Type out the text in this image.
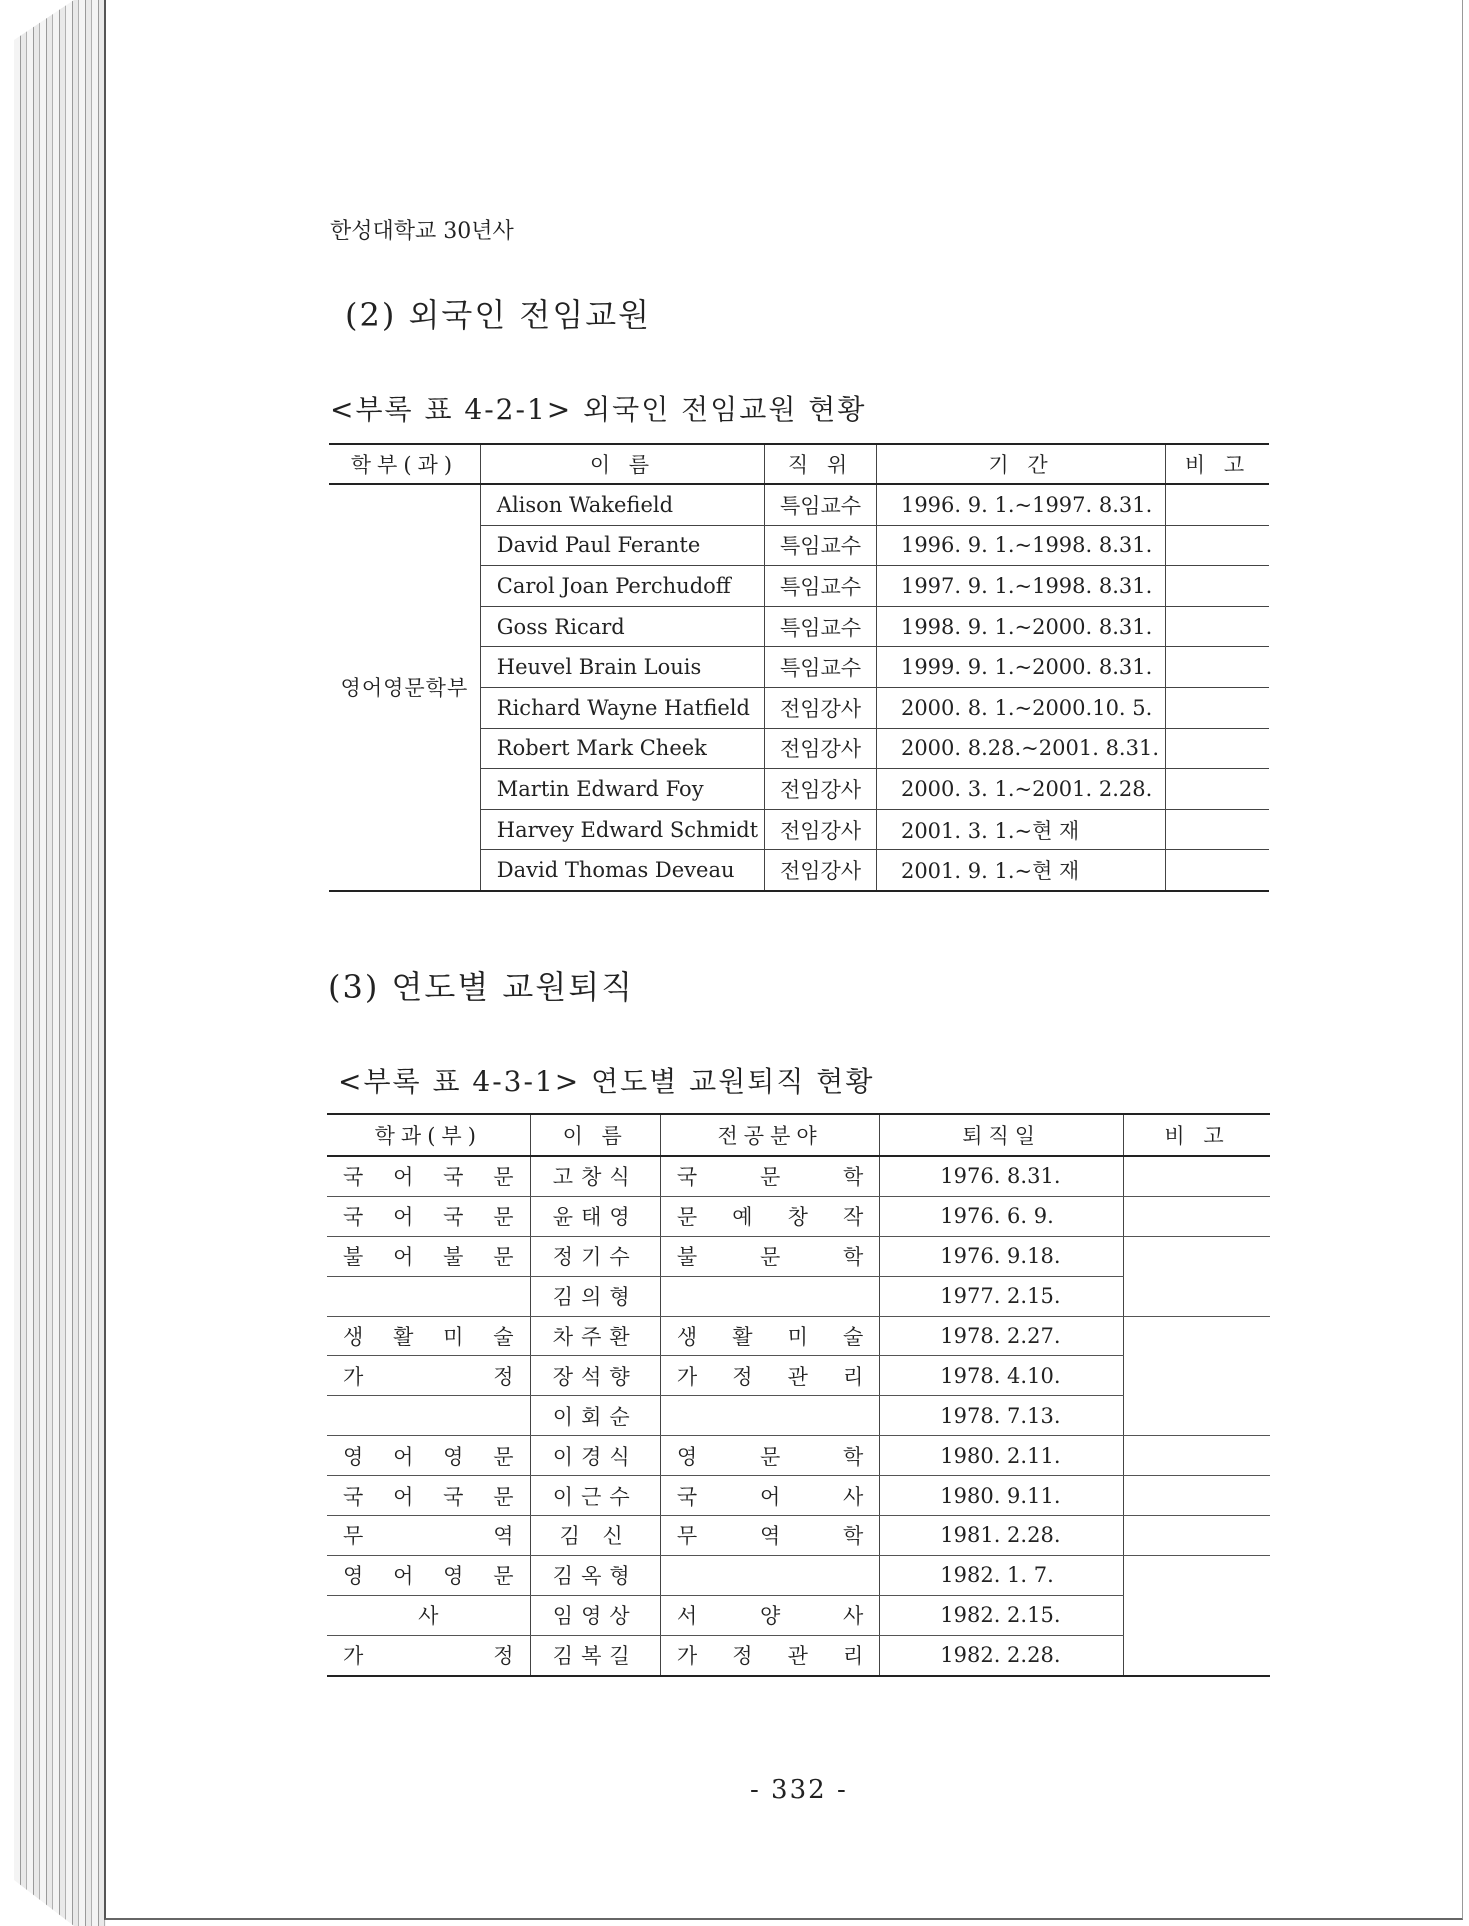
한성대학교 30년사
(2) 외국인 전임교원
<부록 표 4-2-1> 외국인 전임교원 현황
학부(과)	이 름	직 위	기 간	비 고
영어영문학부	Alison Wakefield	특임교수	1996. 9. 1.~1997. 8.31.	
	David Paul Ferante	특임교수	1996. 9. 1.~1998. 8.31.	
	Carol Joan Perchudoff	특임교수	1997. 9. 1.~1998. 8.31.	
	Goss Ricard	특임교수	1998. 9. 1.~2000. 8.31.	
	Heuvel Brain Louis	특임교수	1999. 9. 1.~2000. 8.31.	
	Richard Wayne Hatfield	전임강사	2000. 8. 1.~2000.10. 5.	
	Robert Mark Cheek	전임강사	2000. 8.28.~2001. 8.31.	
	Martin Edward Foy	전임강사	2000. 3. 1.~2001. 2.28.	
	Harvey Edward Schmidt	전임강사	2001. 3. 1.~현 재	
	David Thomas Deveau	전임강사	2001. 9. 1.~현 재	
(3) 연도별 교원퇴직
<부록 표 4-3-1> 연도별 교원퇴직 현황
학과(부)	이 름	전공분야	퇴직일	비 고

국 어 국 문	고창식	국 문 학	1976. 8.31.	

국 어 국 문	윤태영	문 예 창 작	1976. 6. 9.	

불 어 불 문	정기수	불 문 학	1976. 9.18.	

	김의형		1977. 2.15.	

생 활 미 술	차주환	생 활 미 술	1978. 2.27.	

가 정	장석향	가 정 관 리	1978. 4.10.	

	이회순		1978. 7.13.	

영 어 영 문	이경식	영 문 학	1980. 2.11.	

국 어 국 문	이근수	국 어 사	1980. 9.11.	

무 역	김 신	무 역 학	1981. 2.28.	

영 어 영 문	김옥형		1982. 1. 7.	

사	임영상	서 양 사	1982. 2.15.	

가 정	김복길	가 정 관 리	1982. 2.28.	
- 332 -
